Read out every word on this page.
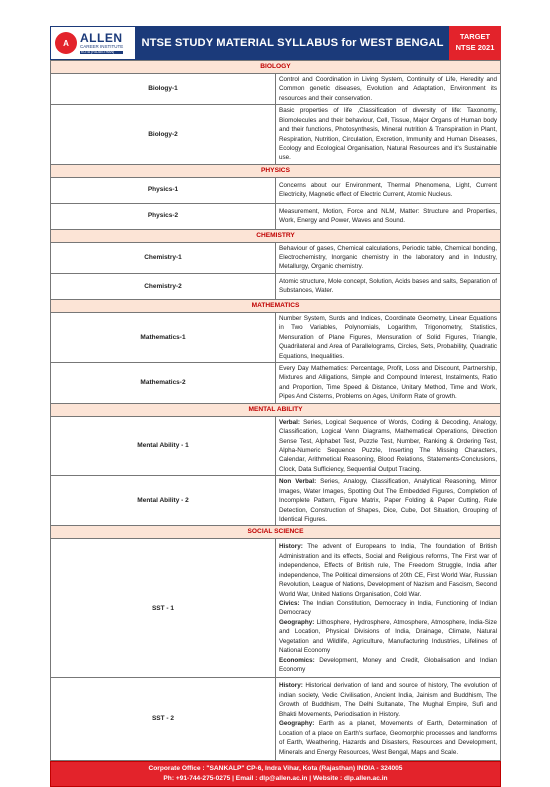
A ALLEN
CAREER INSTITUTE
KOTA (RAJASTHAN)
NTSE STUDY MATERIAL SYLLABUS for WEST BENGAL
TARGET
NTSE 2021
BIOLOGY	
Biology-1	Control and Coordination in Living System, Continuity of Life, Heredity and Common genetic diseases, Evolution and Adaptation, Environment its resources and their conservation.
Biology-2	Basic properties of life ,Classification of diversity of life: Taxonomy, Biomolecules and their behaviour, Cell, Tissue, Major Organs of Human body and their functions, Photosynthesis, Mineral nutrition & Transpiration in Plant, Respiration, Nutrition, Circulation, Excretion, Immunity and Human Diseases, Ecology and Ecological Organisation, Natural Resources and it's Sustainable use.
PHYSICS	
Physics-1	Concerns about our Environment, Thermal Phenomena, Light, Current Electricity, Magnetic effect of Electric Current, Atomic Nucleus.
Physics-2	Measurement, Motion, Force and NLM, Matter: Structure and Properties, Work, Energy and Power, Waves and Sound.
CHEMISTRY	
Chemistry-1	Behaviour of gases, Chemical calculations, Periodic table, Chemical bonding, Electrochemistry, Inorganic chemistry in the laboratory and in Industry, Metallurgy, Organic chemistry.
Chemistry-2	Atomic structure, Mole concept, Solution, Acids bases and salts, Separation of Substances, Water.
MATHEMATICS	
Mathematics-1	Number System, Surds and Indices, Coordinate Geometry, Linear Equations in Two Variables, Polynomials, Logarithm, Trigonometry, Statistics, Mensuration of Plane Figures, Mensuration of Solid Figures, Triangle, Quadrilateral and Area of Parallelograms, Circles, Sets, Probability, Quadratic Equations, Inequalities.
Mathematics-2	Every Day Mathematics: Percentage, Profit, Loss and Discount, Partnership, Mixtures and Alligations, Simple and Compound Interest, Instalments, Ratio and Proportion, Time Speed & Distance, Unitary Method, Time and Work, Pipes And Cisterns, Problems on Ages, Uniform Rate of growth.
MENTAL ABILITY	
Mental Ability - 1	Verbal: Series, Logical Sequence of Words, Coding & Decoding, Analogy, Classification, Logical Venn Diagrams, Mathematical Operations, Direction Sense Test, Alphabet Test, Puzzle Test, Number, Ranking & Ordering Test, Alpha-Numeric Sequence Puzzle, Inserting The Missing Characters, Calendar, Arithmetical Reasoning, Blood Relations, Statements-Conclusions, Clock, Data Sufficiency, Sequential Output Tracing.
Mental Ability - 2	Non Verbal: Series, Analogy, Classification, Analytical Reasoning, Mirror Images, Water Images, Spotting Out The Embedded Figures, Completion of Incomplete Pattern, Figure Matrix, Paper Folding & Paper Cutting, Rule Detection, Construction of Shapes, Dice, Cube, Dot Situation, Grouping of Identical Figures.
SOCIAL SCIENCE	
SST - 1	History: The advent of Europeans to India, The foundation of British Administration and its effects, Social and Religious reforms, The First war of independence, Effects of British rule, The Freedom Struggle, India after independence, The Political dimensions of 20th CE, First World War, Russian Revolution, League of Nations, Development of Nazism and Fascism, Second World War, United Nations Organisation, Cold War.

Civics: The Indian Constitution, Democracy in India, Functioning of Indian Democracy

Geography: Lithosphere, Hydrosphere, Atmosphere, Atmosphere, India-Size and Location, Physical Divisions of India, Drainage, Climate, Natural Vegetation and Wildlife, Agriculture, Manufacturing Industries, Lifelines of National Economy

Economics: Development, Money and Credit, Globalisation and Indian Economy

SST - 2	History: Historical derivation of land and source of history, The evolution of indian society, Vedic Civilisation, Ancient India, Jainism and Buddhism, The Growth of Buddhism, The Delhi Sultanate, The Mughal Empire, Sufi and Bhakti Movements, Periodisation in History.

Geography: Earth as a planet, Movements of Earth, Determination of Location of a place on Earth's surface, Geomorphic processes and landforms of Earth, Weathering, Hazards and Disasters, Resources and Development, Minerals and Energy Resources, West Bengal, Maps and Scale.

Corporate Office : "SANKALP" CP-6, Indra Vihar, Kota (Rajasthan) INDIA - 324005
Ph: +91-744-275-0275 | Email : dlp@allen.ac.in | Website : dlp.allen.ac.in
